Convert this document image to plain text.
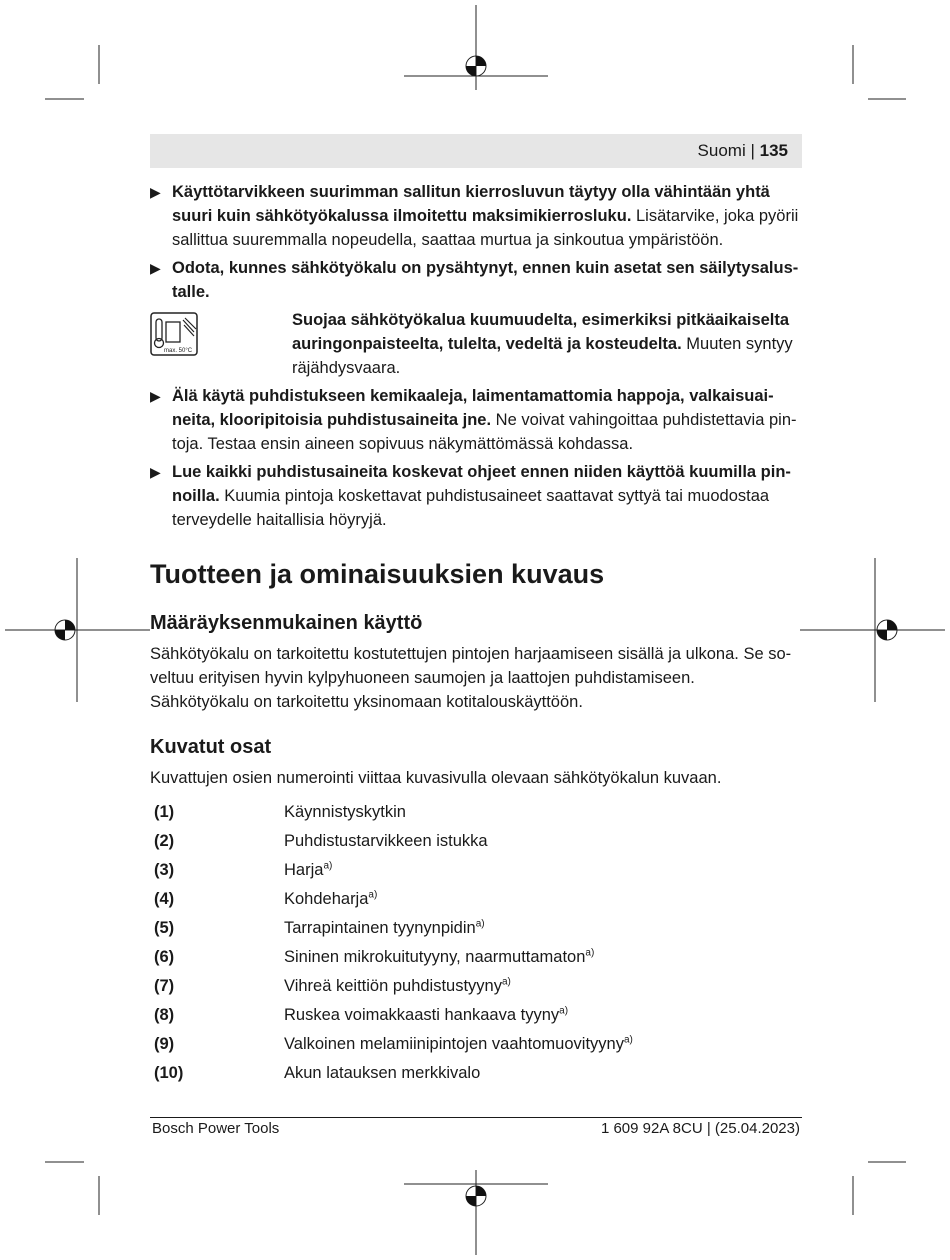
Suomi | 135
▶ Käyttötarvikkeen suurimman sallitun kierrosluvun täytyy olla vähintään yhtä suuri kuin sähkötyökalussa ilmoitettu maksimikierrosluku. Lisätarvike, joka pyörii sallittua suuremmalla nopeudella, saattaa murtua ja sinkoutua ympäristöön.
▶ Odota, kunnes sähkötyökalu on pysähtynyt, ennen kuin asetat sen säilytysalustalle.
max. 50°C
Suojaa sähkötyökalua kuumuudelta, esimerkiksi pitkäaikaiselta auringonpaisteelta, tulelta, vedeltä ja kosteudelta. Muuten syntyy räjähdysvaara.
▶ Älä käytä puhdistukseen kemikaaleja, laimentamattomia happoja, valkaisuaineita, klooripitoisia puhdistusaineita jne. Ne voivat vahingoittaa puhdistettavia pintoja. Testaa ensin aineen sopivuus näkymättömässä kohdassa.
▶ Lue kaikki puhdistusaineita koskevat ohjeet ennen niiden käyttöä kuumilla pinnoilla. Kuumia pintoja koskettavat puhdistusaineet saattavat syttyä tai muodostaa terveydelle haitallisia höyryjä.
Tuotteen ja ominaisuuksien kuvaus
Määräyksenmukainen käyttö

Sähkötyökalu on tarkoitettu kostutettujen pintojen harjaamiseen sisällä ja ulkona. Se soveltuu erityisen hyvin kylpyhuoneen saumojen ja laattojen puhdistamiseen.

Sähkötyökalu on tarkoitettu yksinomaan kotitalouskäyttöön.

Kuvatut osat

Kuvattujen osien numerointi viittaa kuvasivulla olevaan sähkötyökalun kuvaan.

(1)	Käynnistyskytkin
(2)	Puhdistustarvikkeen istukka
(3)	Harja$^{a)}$
(4)	Kohdeharja$^{a)}$
(5)	Tarrapintainen tyynynpidin$^{a)}$
(6)	Sininen mikrokuitutyyny, naarmuttamaton$^{a)}$
(7)	Vihreä keittiön puhdistustyyny$^{a)}$
(8)	Ruskea voimakkaasti hankaava tyyny$^{a)}$
(9)	Valkoinen melamiinipintojen vaahtomuovityyny$^{a)}$
(10)	Akun latauksen merkkivalo
Bosch Power Tools	1 609 92A 8CU | (25.04.2023)
